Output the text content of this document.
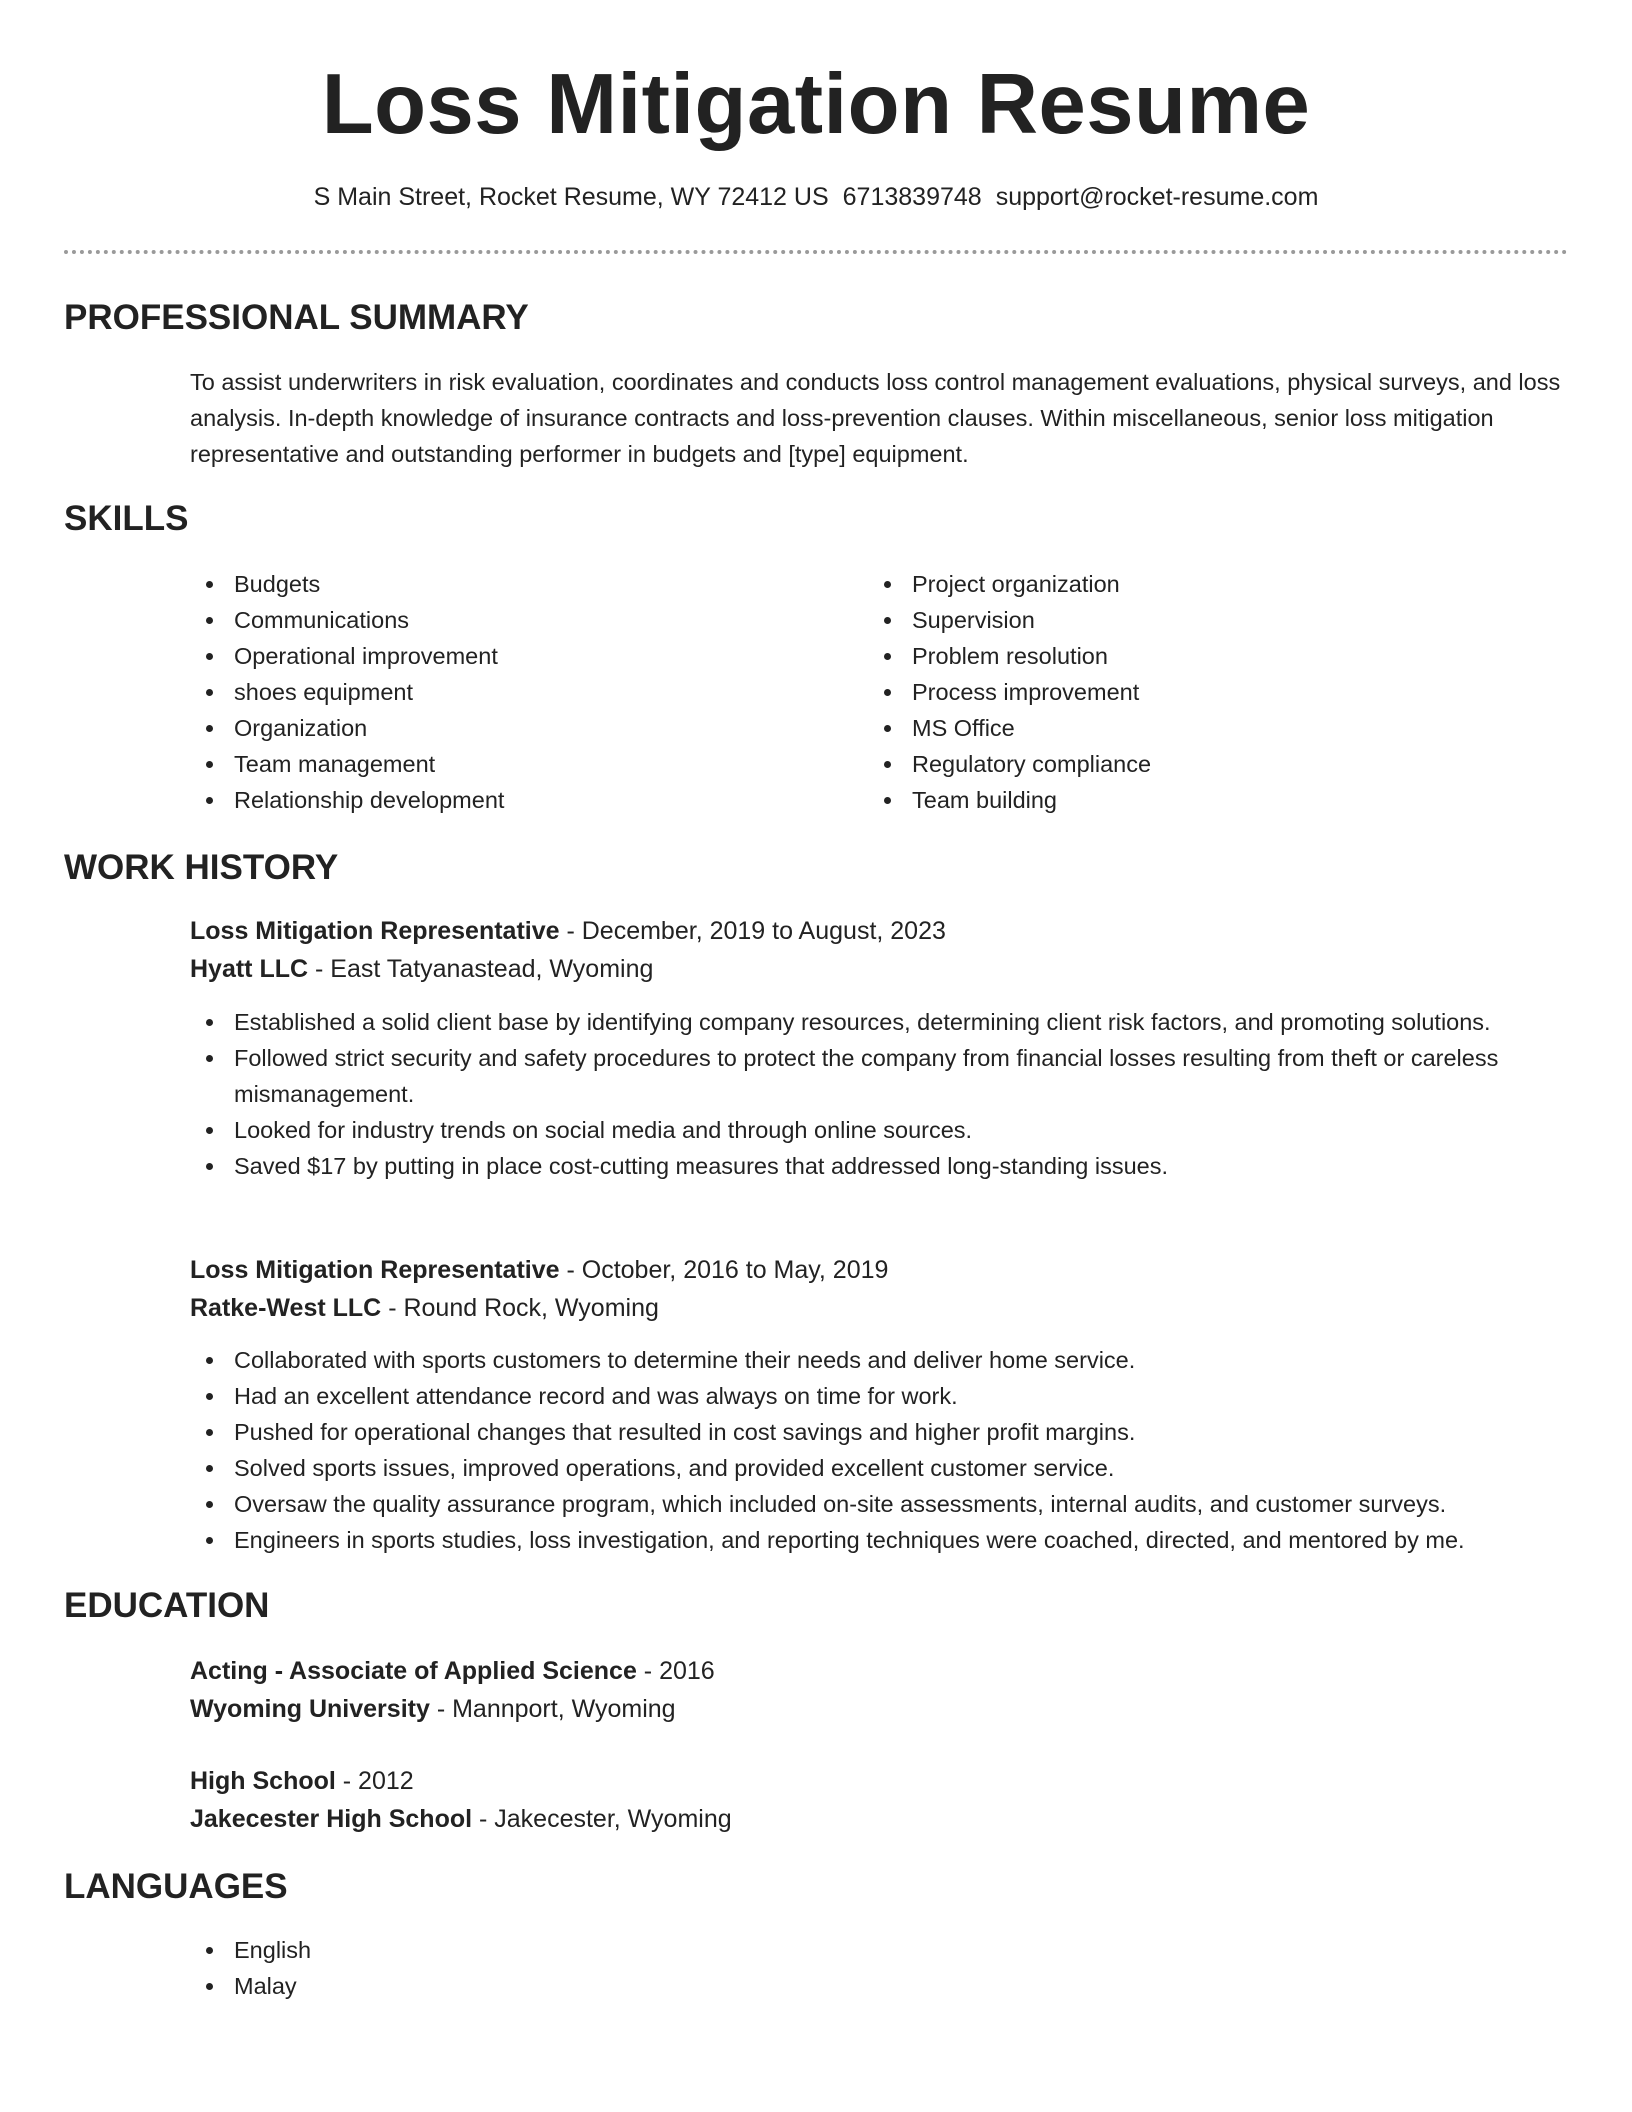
Loss Mitigation Resume
S Main Street, Rocket Resume, WY 72412 US 6713839748 support@rocket-resume.com
PROFESSIONAL SUMMARY
To assist underwriters in risk evaluation, coordinates and conducts loss control management evaluations, physical surveys, and loss analysis. In-depth knowledge of insurance contracts and loss-prevention clauses. Within miscellaneous, senior loss mitigation representative and outstanding performer in budgets and [type] equipment.
SKILLS
Budgets
Communications
Operational improvement
shoes equipment
Organization
Team management
Relationship development
Project organization
Supervision
Problem resolution
Process improvement
MS Office
Regulatory compliance
Team building
WORK HISTORY
Loss Mitigation Representative - December, 2019 to August, 2023
Hyatt LLC - East Tatyanastead, Wyoming
Established a solid client base by identifying company resources, determining client risk factors, and promoting solutions.
Followed strict security and safety procedures to protect the company from financial losses resulting from theft or careless mismanagement.
Looked for industry trends on social media and through online sources.
Saved $17 by putting in place cost-cutting measures that addressed long-standing issues.
Loss Mitigation Representative - October, 2016 to May, 2019
Ratke-West LLC - Round Rock, Wyoming
Collaborated with sports customers to determine their needs and deliver home service.
Had an excellent attendance record and was always on time for work.
Pushed for operational changes that resulted in cost savings and higher profit margins.
Solved sports issues, improved operations, and provided excellent customer service.
Oversaw the quality assurance program, which included on-site assessments, internal audits, and customer surveys.
Engineers in sports studies, loss investigation, and reporting techniques were coached, directed, and mentored by me.
EDUCATION
Acting - Associate of Applied Science - 2016
Wyoming University - Mannport, Wyoming
High School - 2012
Jakecester High School - Jakecester, Wyoming
LANGUAGES
English
Malay
